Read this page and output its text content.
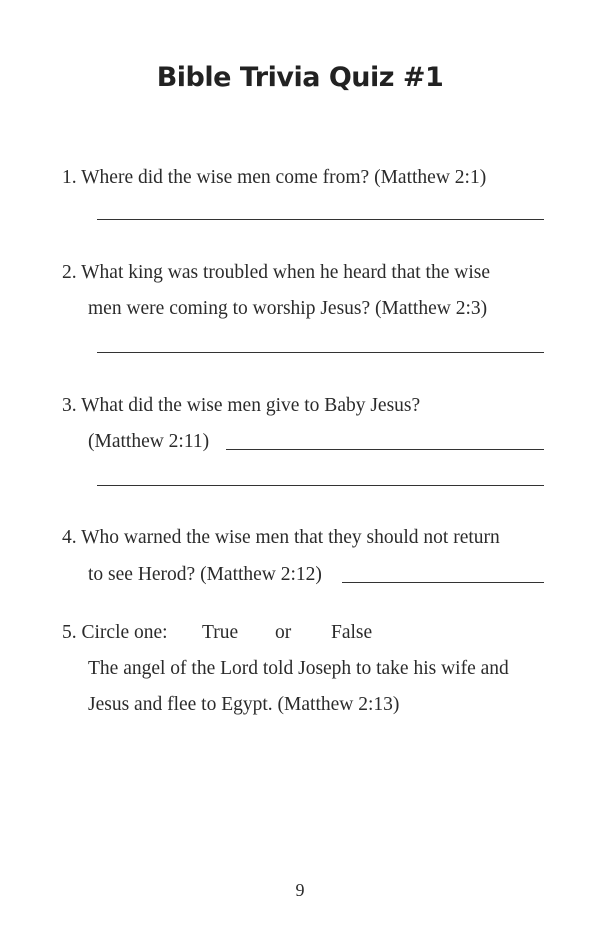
Bible Trivia Quiz #1
1. Where did the wise men come from? (Matthew 2:1)
2. What king was troubled when he heard that the wise
men were coming to worship Jesus? (Matthew 2:3)
3. What did the wise men give to Baby Jesus?
(Matthew 2:11)
4. Who warned the wise men that they should not return
to see Herod? (Matthew 2:12)
5. Circle one: True or False
The angel of the Lord told Joseph to take his wife and
Jesus and flee to Egypt. (Matthew 2:13)
9
